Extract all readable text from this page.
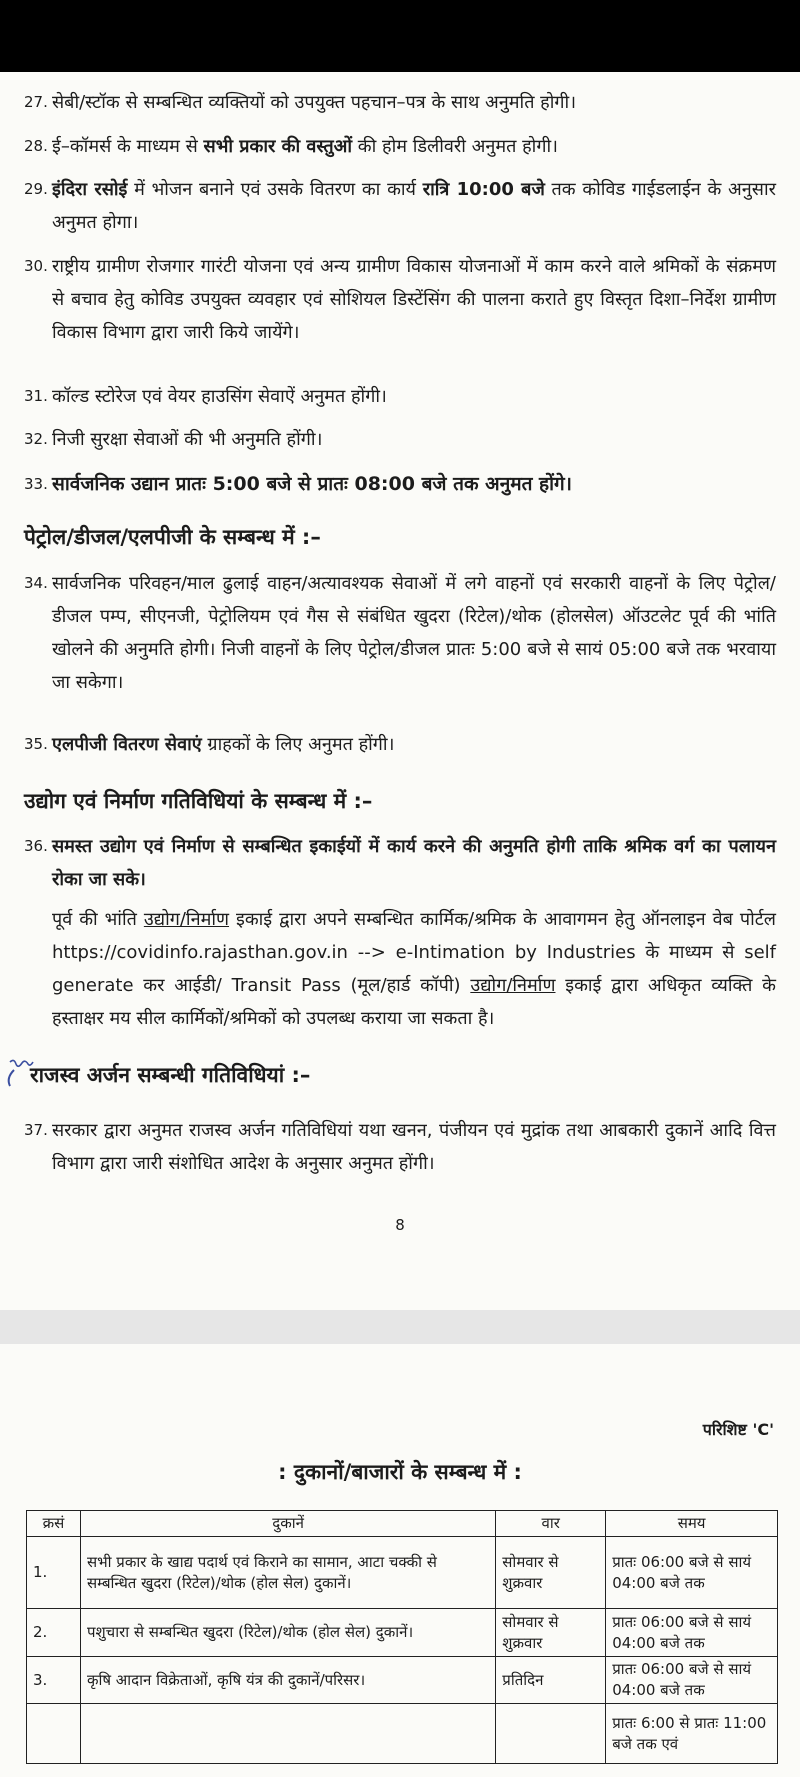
27. सेबी/स्टॉक से सम्बन्धित व्यक्तियों को उपयुक्त पहचान–पत्र के साथ अनुमति होगी।
28. ई–कॉमर्स के माध्यम से सभी प्रकार की वस्तुओं की होम डिलीवरी अनुमत होगी।
29. इंदिरा रसोई में भोजन बनाने एवं उसके वितरण का कार्य रात्रि 10:00 बजे तक कोविड गाईडलाईन के अनुसार अनुमत होगा।
30. राष्ट्रीय ग्रामीण रोजगार गारंटी योजना एवं अन्य ग्रामीण विकास योजनाओं में काम करने वाले श्रमिकों के संक्रमण से बचाव हेतु कोविड उपयुक्त व्यवहार एवं सोशियल डिस्टेंसिंग की पालना कराते हुए विस्तृत दिशा–निर्देश ग्रामीण विकास विभाग द्वारा जारी किये जायेंगे।
31. कॉल्ड स्टोरेज एवं वेयर हाउसिंग सेवाऐं अनुमत होंगी।
32. निजी सुरक्षा सेवाओं की भी अनुमति होंगी।
33. सार्वजनिक उद्यान प्रातः 5:00 बजे से प्रातः 08:00 बजे तक अनुमत होंगे।
पेट्रोल/डीजल/एलपीजी के सम्बन्ध में :–
34. सार्वजनिक परिवहन/माल ढुलाई वाहन/अत्यावश्यक सेवाओं में लगे वाहनों एवं सरकारी वाहनों के लिए पेट्रोल/डीजल पम्प, सीएनजी, पेट्रोलियम एवं गैस से संबंधित खुदरा (रिटेल)/थोक (होलसेल) ऑउटलेट पूर्व की भांति खोलने की अनुमति होगी। निजी वाहनों के लिए पेट्रोल/डीजल प्रातः 5:00 बजे से सायं 05:00 बजे तक भरवाया जा सकेगा।
35. एलपीजी वितरण सेवाएं ग्राहकों के लिए अनुमत होंगी।
उद्योग एवं निर्माण गतिविधियां के सम्बन्ध में :–
36. समस्त उद्योग एवं निर्माण से सम्बन्धित इकाईयों में कार्य करने की अनुमति होगी ताकि श्रमिक वर्ग का पलायन रोका जा सके।
पूर्व की भांति उद्योग/निर्माण इकाई द्वारा अपने सम्बन्धित कार्मिक/श्रमिक के आवागमन हेतु ऑनलाइन वेब पोर्टल https://covidinfo.rajasthan.gov.in --> e-Intimation by Industries के माध्यम से self generate कर आईडी/ Transit Pass (मूल/हार्ड कॉपी) उद्योग/निर्माण इकाई द्वारा अधिकृत व्यक्ति के हस्ताक्षर मय सील कार्मिकों/श्रमिकों को उपलब्ध कराया जा सकता है।
राजस्व अर्जन सम्बन्धी गतिविधियां :–
37. सरकार द्वारा अनुमत राजस्व अर्जन गतिविधियां यथा खनन, पंजीयन एवं मुद्रांक तथा आबकारी दुकानें आदि वित्त विभाग द्वारा जारी संशोधित आदेश के अनुसार अनुमत होंगी।
8
परिशिष्ट 'C'
: दुकानों/बाजारों के सम्बन्ध में :
क्रसं	दुकानें	वार	समय
1.	सभी प्रकार के खाद्य पदार्थ एवं किराने का सामान, आटा चक्की से सम्बन्धित खुदरा (रिटेल)/थोक (होल सेल) दुकानें।	सोमवार से शुक्रवार	प्रातः 06:00 बजे से सायं 04:00 बजे तक
2.	पशुचारा से सम्बन्धित खुदरा (रिटेल)/थोक (होल सेल) दुकानें।	सोमवार से शुक्रवार	प्रातः 06:00 बजे से सायं 04:00 बजे तक
3.	कृषि आदान विक्रेताओं, कृषि यंत्र की दुकानें/परिसर।	प्रतिदिन	प्रातः 06:00 बजे से सायं 04:00 बजे तक
			प्रातः 6:00 से प्रातः 11:00 बजे तक एवं
